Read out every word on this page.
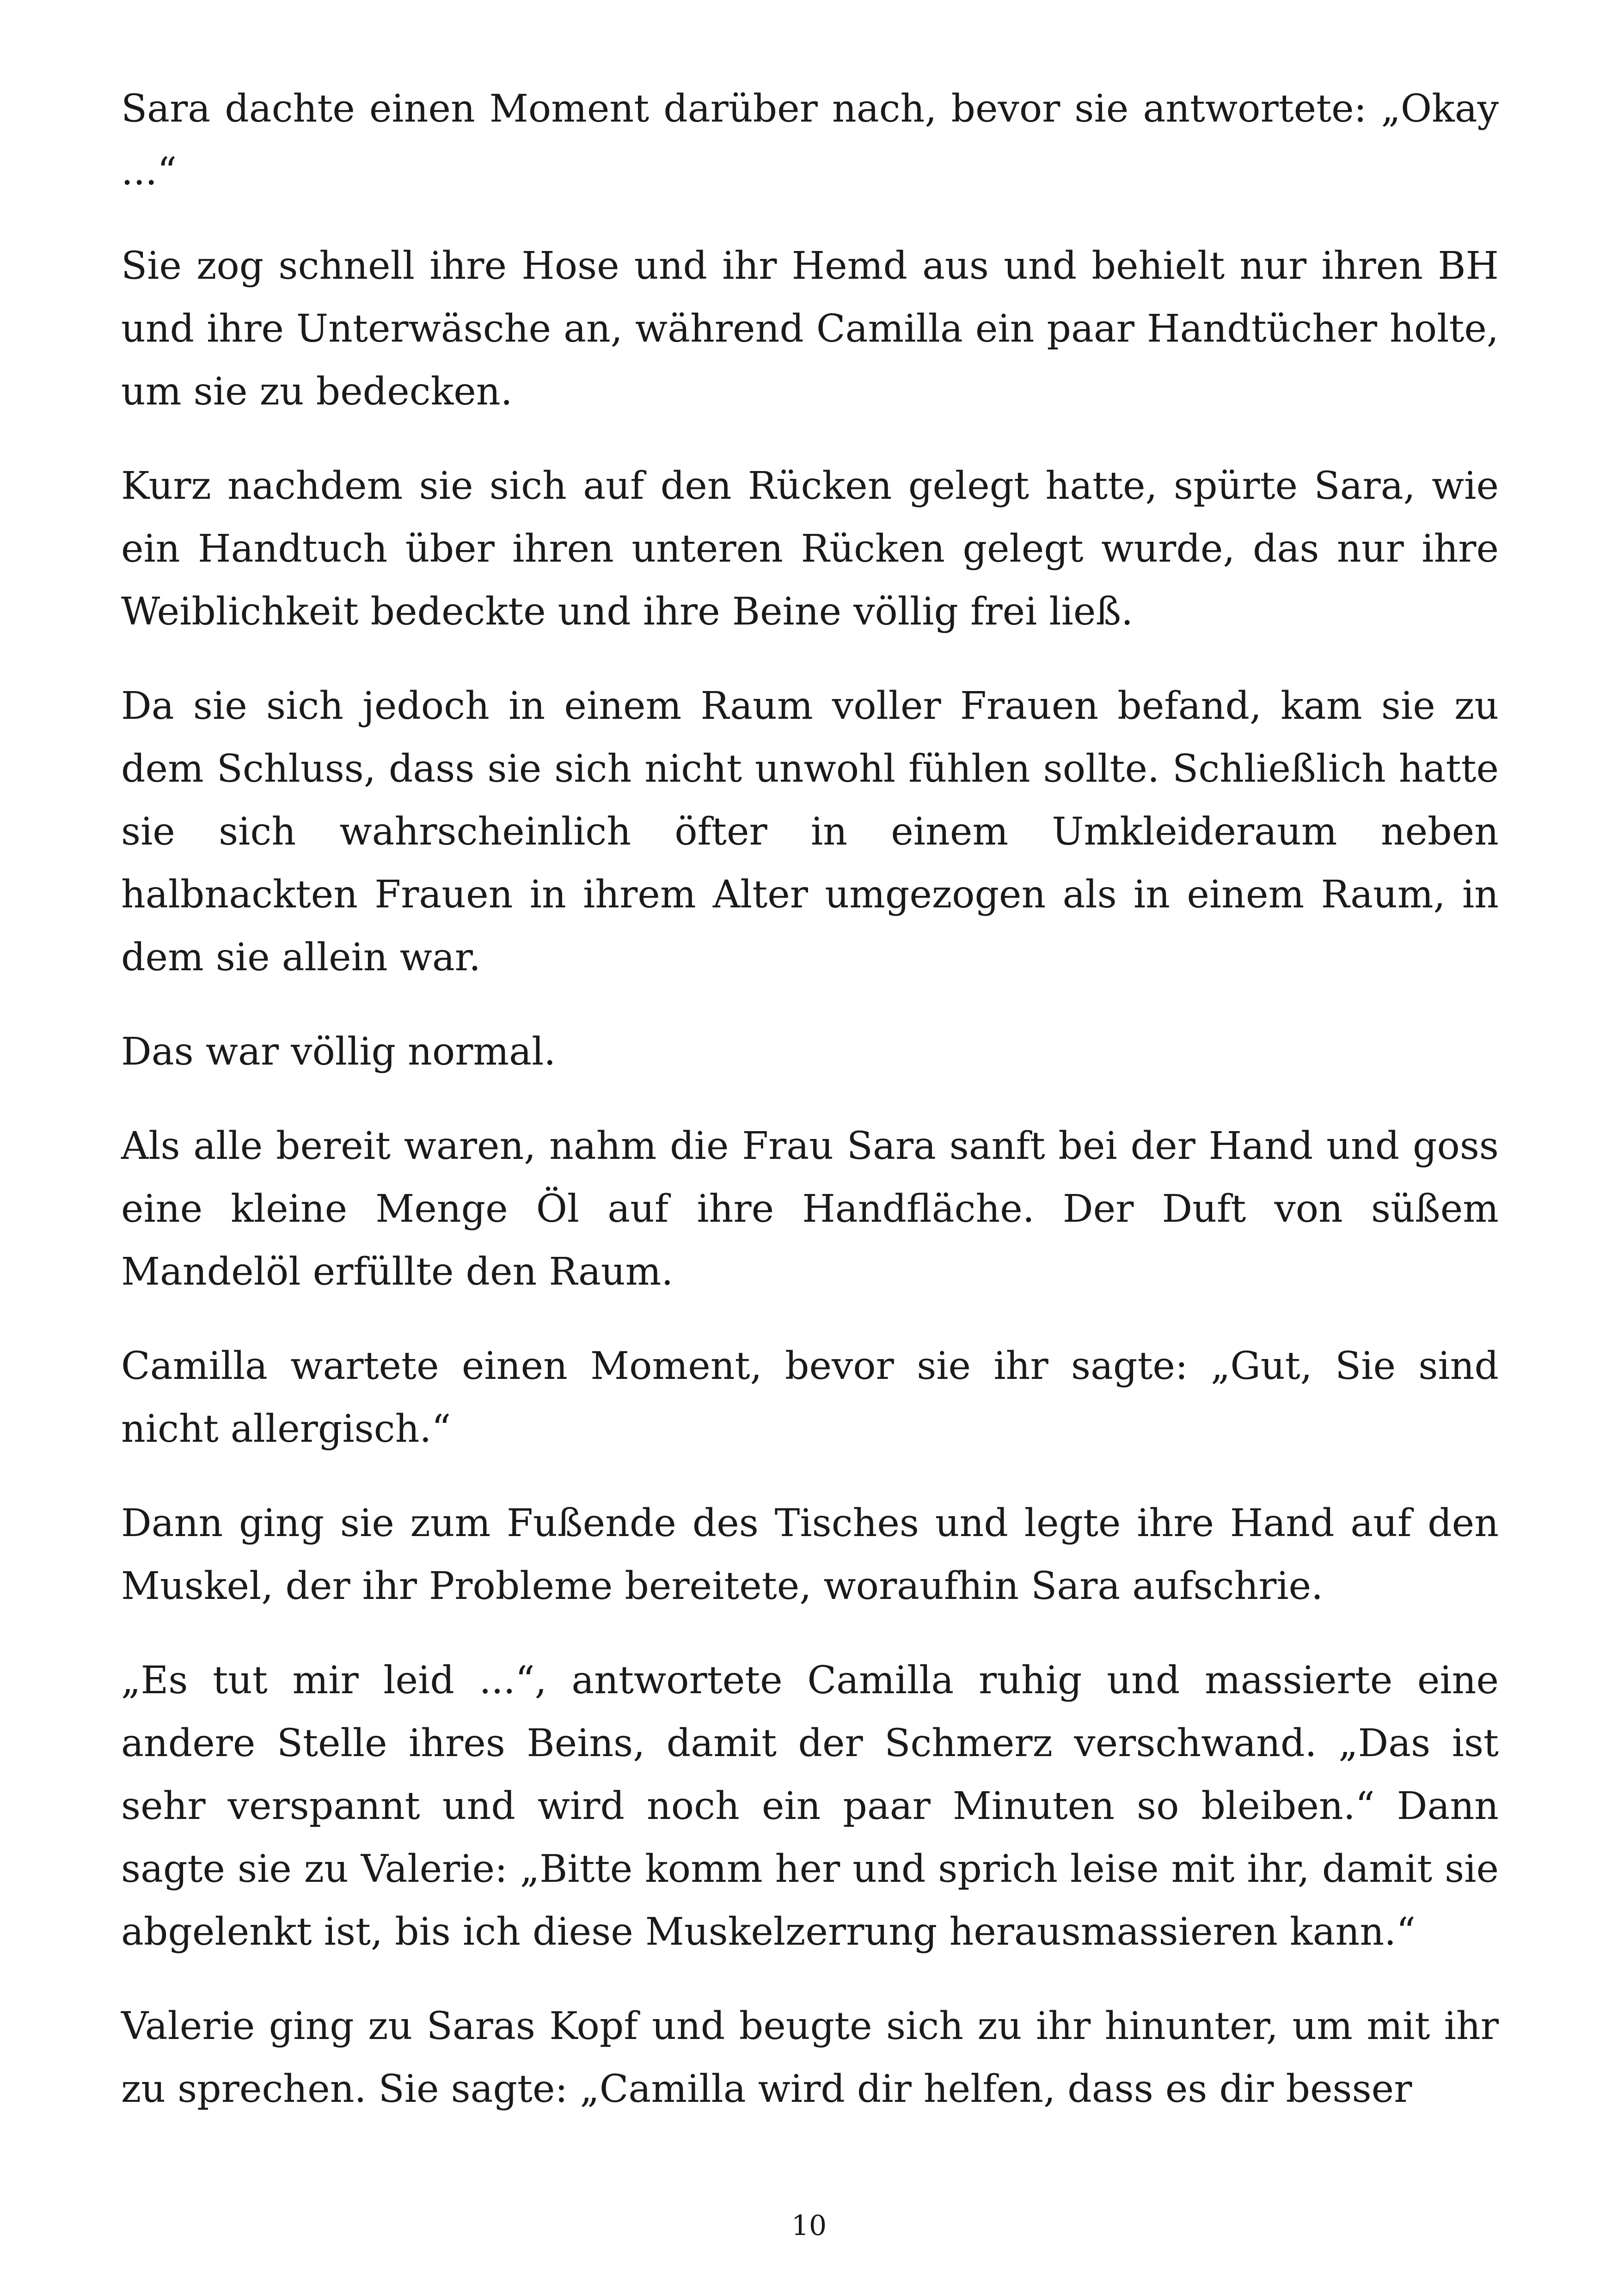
Sara dachte einen Moment darüber nach, bevor sie antwortete: „Okay ...“

Sie zog schnell ihre Hose und ihr Hemd aus und behielt nur ihren BH und ihre Unterwäsche an, während Camilla ein paar Handtücher holte, um sie zu bedecken.

Kurz nachdem sie sich auf den Rücken gelegt hatte, spürte Sara, wie ein Handtuch über ihren unteren Rücken gelegt wurde, das nur ihre Weiblichkeit bedeckte und ihre Beine völlig frei ließ.

Da sie sich jedoch in einem Raum voller Frauen befand, kam sie zu dem Schluss, dass sie sich nicht unwohl fühlen sollte. Schließlich hatte sie sich wahrscheinlich öfter in einem Umkleideraum neben halbnackten Frauen in ihrem Alter umgezogen als in einem Raum, in dem sie allein war.

Das war völlig normal.

Als alle bereit waren, nahm die Frau Sara sanft bei der Hand und goss eine kleine Menge Öl auf ihre Handfläche. Der Duft von süßem Mandelöl erfüllte den Raum.

Camilla wartete einen Moment, bevor sie ihr sagte: „Gut, Sie sind nicht allergisch.“

Dann ging sie zum Fußende des Tisches und legte ihre Hand auf den Muskel, der ihr Probleme bereitete, woraufhin Sara aufschrie.

„Es tut mir leid ...“, antwortete Camilla ruhig und massierte eine andere Stelle ihres Beins, damit der Schmerz verschwand. „Das ist sehr verspannt und wird noch ein paar Minuten so bleiben.“ Dann sagte sie zu Valerie: „Bitte komm her und sprich leise mit ihr, damit sie abgelenkt ist, bis ich diese Muskelzerrung herausmassieren kann.“

Valerie ging zu Saras Kopf und beugte sich zu ihr hinunter, um mit ihr zu sprechen. Sie sagte: „Camilla wird dir helfen, dass es dir besser

10
